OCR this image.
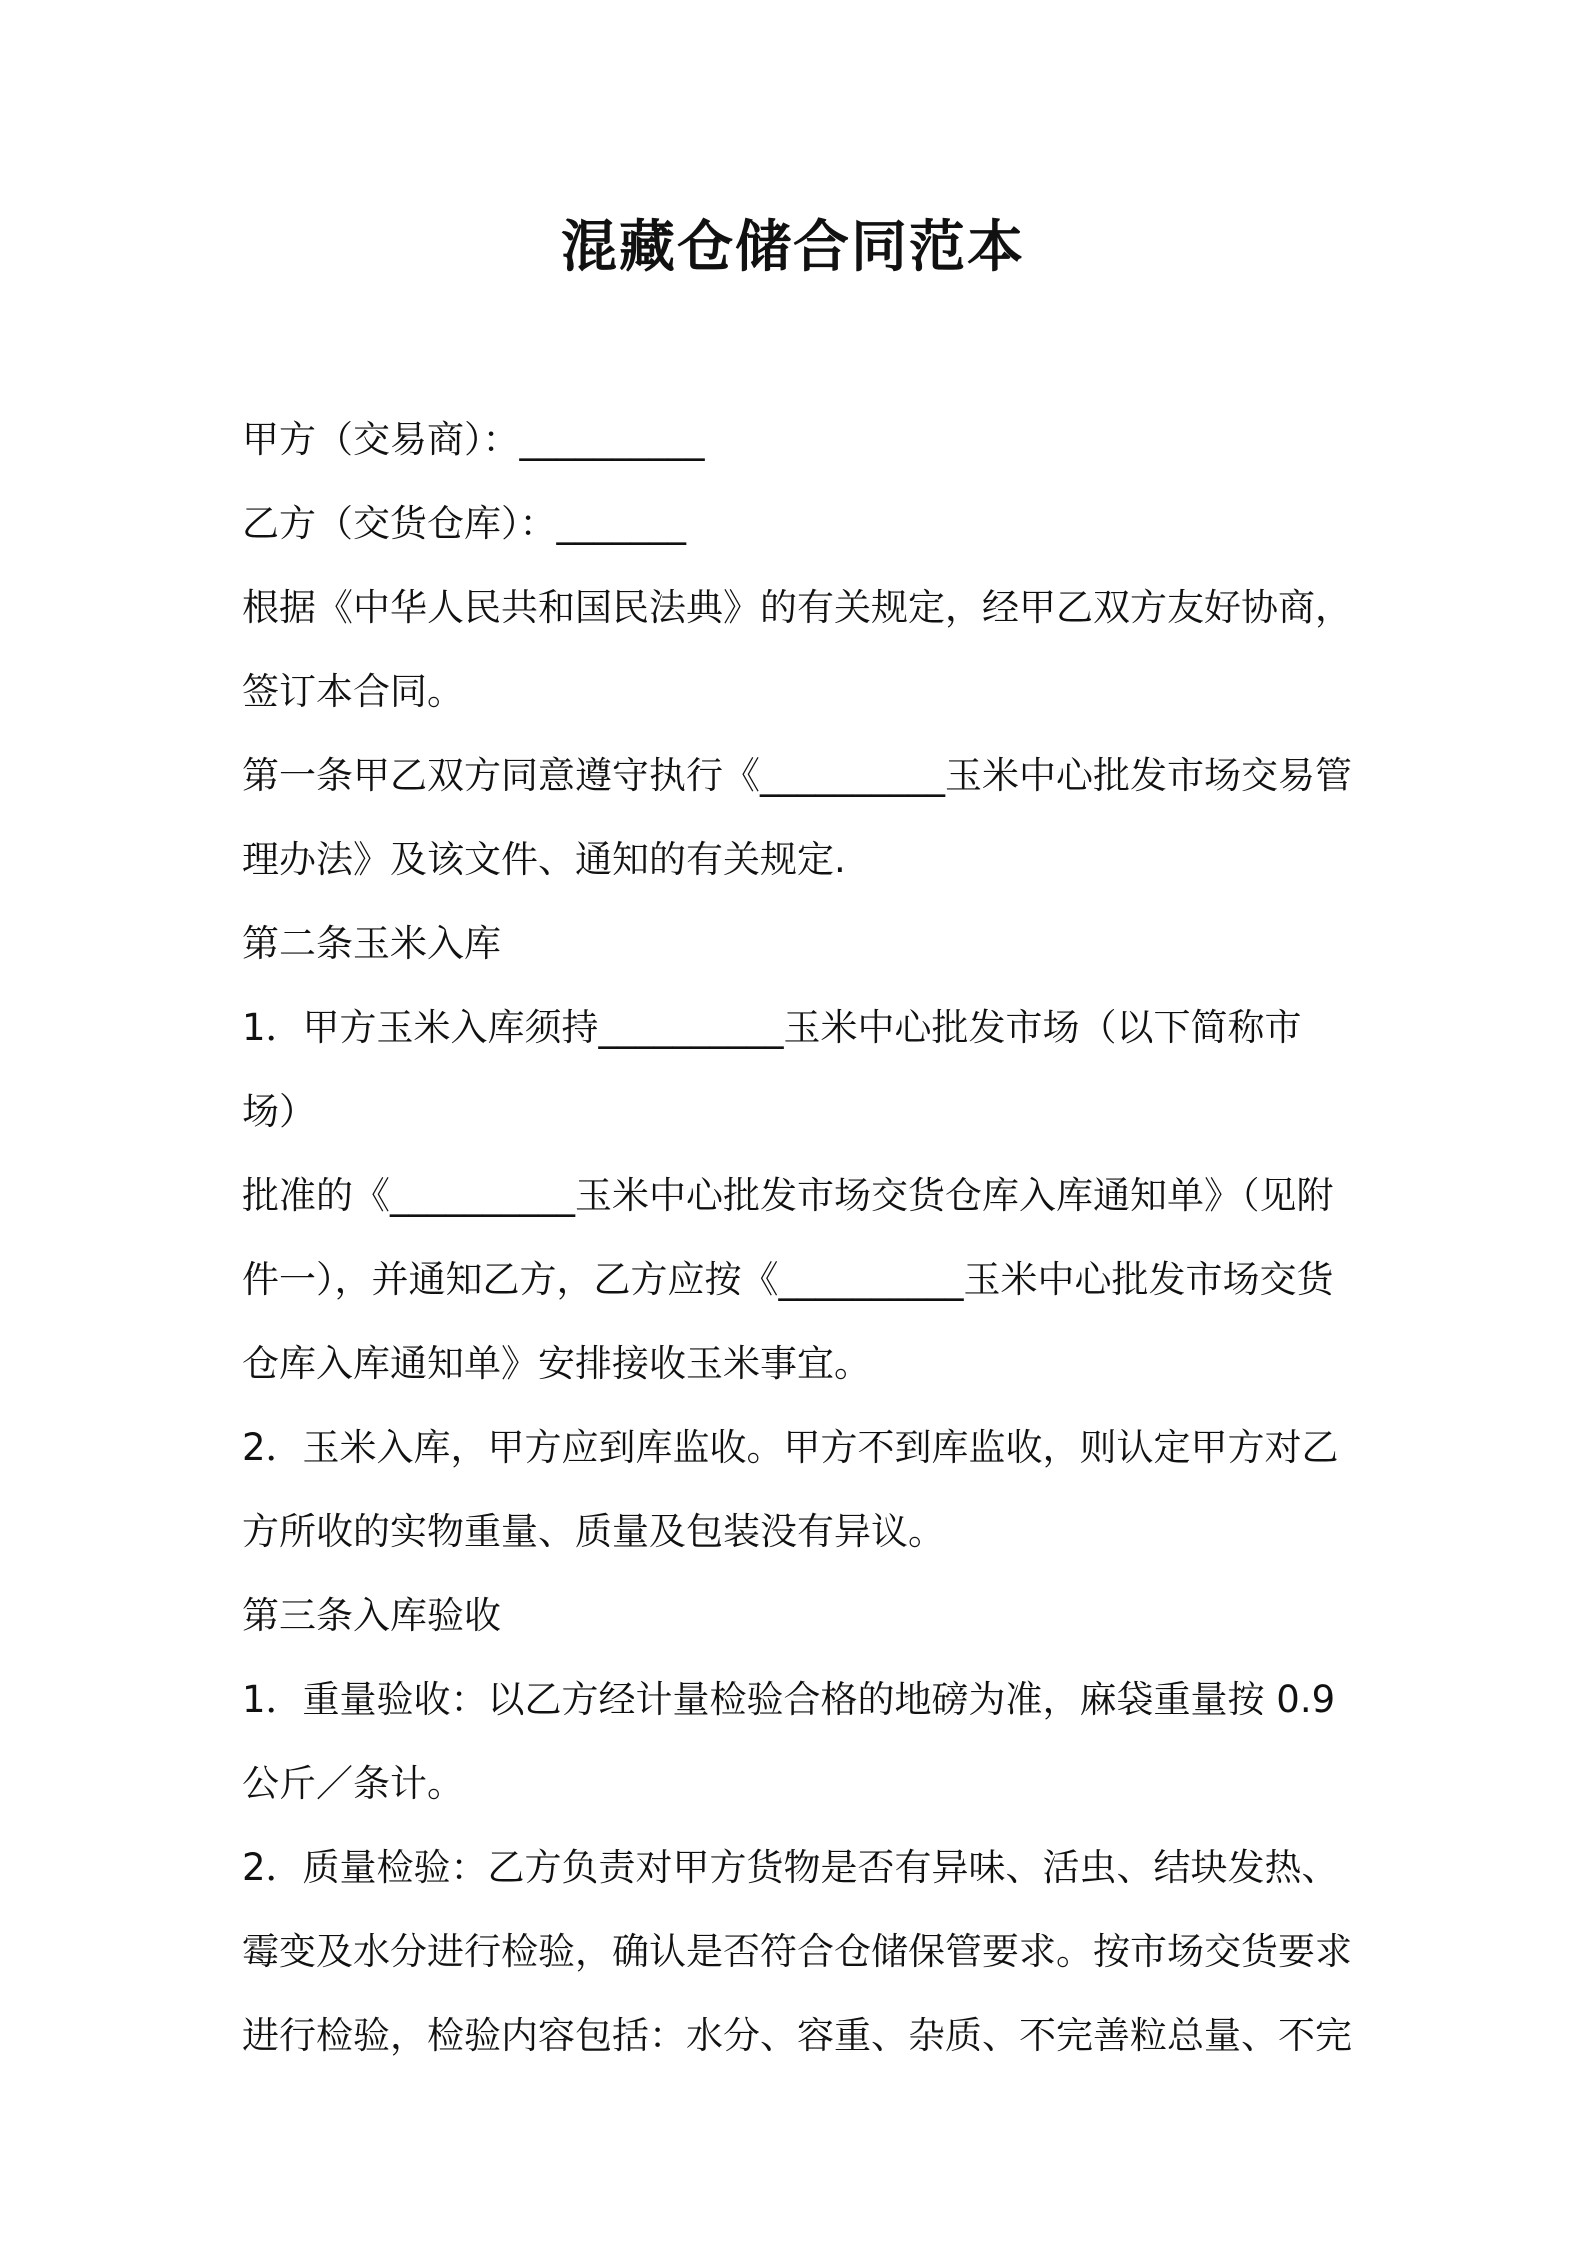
混藏仓储合同范本

甲方（交易商）：__________

乙方（交货仓库）：_______

根据《中华人民共和国民法典》的有关规定，经甲乙双方友好协商，

签订本合同。

第一条甲乙双方同意遵守执行《__________玉米中心批发市场交易管

理办法》及该文件、通知的有关规定.

第二条玉米入库

1．甲方玉米入库须持__________玉米中心批发市场（以下简称市场）

批准的《__________玉米中心批发市场交货仓库入库通知单》（见附

件一），并通知乙方，乙方应按《__________玉米中心批发市场交货

仓库入库通知单》安排接收玉米事宜。

2．玉米入库，甲方应到库监收。甲方不到库监收，则认定甲方对乙

方所收的实物重量、质量及包装没有异议。

第三条入库验收

1．重量验收：以乙方经计量检验合格的地磅为准，麻袋重量按 0.9

公斤／条计。

2．质量检验：乙方负责对甲方货物是否有异味、活虫、结块发热、

霉变及水分进行检验，确认是否符合仓储保管要求。按市场交货要求

进行检验，检验内容包括：水分、容重、杂质、不完善粒总量、不完
